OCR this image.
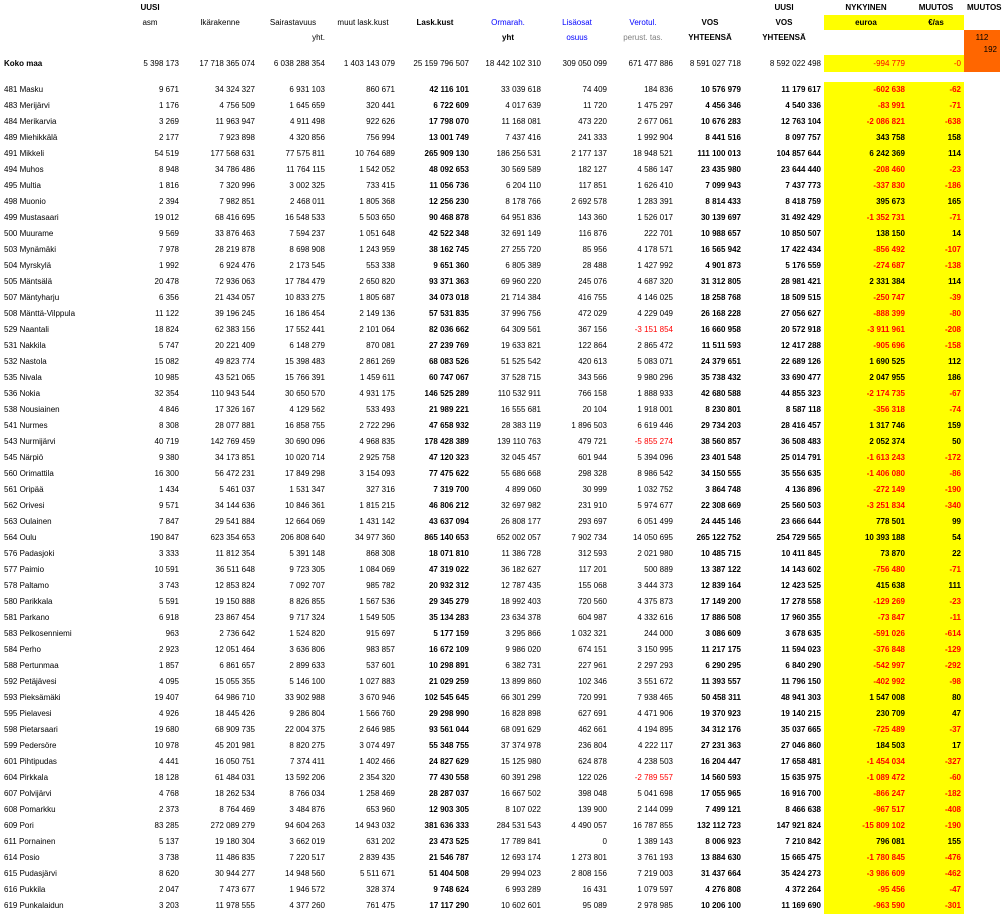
	UUSI									UUSI	NYKYINEN	MUUTOS	MUUTOS
	asm	Ikärakenne	Sairastavuus	muut lask.kust	Lask.kust	Ormarah.	Lisäosat	Verotul.	VOS	VOS	euroa	€/as	
			yht.			yht	osuus	perust. tas.	YHTEENSÄ	YHTEENSÄ			112
													192
Koko maa	5 398 173	17 718 365 074	6 038 288 354	1 403 143 079	25 159 796 507	18 442 102 310	309 050 099	671 477 886	8 591 027 718	8 592 022 498	-994 779	-0	

481 Masku	9 671	34 324 327	6 931 103	860 671	42 116 101	33 039 618	74 409	184 836	10 576 979	11 179 617	-602 638	-62	
483 Merijärvi	1 176	4 756 509	1 645 659	320 441	6 722 609	4 017 639	11 720	1 475 297	4 456 346	4 540 336	-83 991	-71	
484 Merikarvia	3 269	11 963 947	4 911 498	922 626	17 798 070	11 168 081	473 220	2 677 061	10 676 283	12 763 104	-2 086 821	-638	
489 Miehikkälä	2 177	7 923 898	4 320 856	756 994	13 001 749	7 437 416	241 333	1 992 904	8 441 516	8 097 757	343 758	158	
491 Mikkeli	54 519	177 568 631	77 575 811	10 764 689	265 909 130	186 256 531	2 177 137	18 948 521	111 100 013	104 857 644	6 242 369	114	
494 Muhos	8 948	34 786 486	11 764 115	1 542 052	48 092 653	30 569 589	182 127	4 586 147	23 435 980	23 644 440	-208 460	-23	
495 Multia	1 816	7 320 996	3 002 325	733 415	11 056 736	6 204 110	117 851	1 626 410	7 099 943	7 437 773	-337 830	-186	
498 Muonio	2 394	7 982 851	2 468 011	1 805 368	12 256 230	8 178 766	2 692 578	1 283 391	8 814 433	8 418 759	395 673	165	
499 Mustasaari	19 012	68 416 695	16 548 533	5 503 650	90 468 878	64 951 836	143 360	1 526 017	30 139 697	31 492 429	-1 352 731	-71	
500 Muurame	9 569	33 876 463	7 594 237	1 051 648	42 522 348	32 691 149	116 876	222 701	10 988 657	10 850 507	138 150	14	
503 Mynämäki	7 978	28 219 878	8 698 908	1 243 959	38 162 745	27 255 720	85 956	4 178 571	16 565 942	17 422 434	-856 492	-107	
504 Myrskylä	1 992	6 924 476	2 173 545	553 338	9 651 360	6 805 389	28 488	1 427 992	4 901 873	5 176 559	-274 687	-138	
505 Mäntsälä	20 478	72 936 063	17 784 479	2 650 820	93 371 363	69 960 220	245 076	4 687 320	31 312 805	28 981 421	2 331 384	114	
507 Mäntyharju	6 356	21 434 057	10 833 275	1 805 687	34 073 018	21 714 384	416 755	4 146 025	18 258 768	18 509 515	-250 747	-39	
508 Mänttä-Vilppula	11 122	39 196 245	16 186 454	2 149 136	57 531 835	37 996 756	472 029	4 229 049	26 168 228	27 056 627	-888 399	-80	
529 Naantali	18 824	62 383 156	17 552 441	2 101 064	82 036 662	64 309 561	367 156	-3 151 854	16 660 958	20 572 918	-3 911 961	-208	
531 Nakkila	5 747	20 221 409	6 148 279	870 081	27 239 769	19 633 821	122 864	2 865 472	11 511 593	12 417 288	-905 696	-158	
532 Nastola	15 082	49 823 774	15 398 483	2 861 269	68 083 526	51 525 542	420 613	5 083 071	24 379 651	22 689 126	1 690 525	112	
535 Nivala	10 985	43 521 065	15 766 391	1 459 611	60 747 067	37 528 715	343 566	9 980 296	35 738 432	33 690 477	2 047 955	186	
536 Nokia	32 354	110 943 544	30 650 570	4 931 175	146 525 289	110 532 911	766 158	1 888 933	42 680 588	44 855 323	-2 174 735	-67	
538 Nousiainen	4 846	17 326 167	4 129 562	533 493	21 989 221	16 555 681	20 104	1 918 001	8 230 801	8 587 118	-356 318	-74	
541 Nurmes	8 308	28 077 881	16 858 755	2 722 296	47 658 932	28 383 119	1 896 503	6 619 446	29 734 203	28 416 457	1 317 746	159	
543 Nurmijärvi	40 719	142 769 459	30 690 096	4 968 835	178 428 389	139 110 763	479 721	-5 855 274	38 560 857	36 508 483	2 052 374	50	
545 Närpiö	9 380	34 173 851	10 020 714	2 925 758	47 120 323	32 045 457	601 944	5 394 096	23 401 548	25 014 791	-1 613 243	-172	
560 Orimattila	16 300	56 472 231	17 849 298	3 154 093	77 475 622	55 686 668	298 328	8 986 542	34 150 555	35 556 635	-1 406 080	-86	
561 Oripää	1 434	5 461 037	1 531 347	327 316	7 319 700	4 899 060	30 999	1 032 752	3 864 748	4 136 896	-272 149	-190	
562 Orivesi	9 571	34 144 636	10 846 361	1 815 215	46 806 212	32 697 982	231 910	5 974 677	22 308 669	25 560 503	-3 251 834	-340	
563 Oulainen	7 847	29 541 884	12 664 069	1 431 142	43 637 094	26 808 177	293 697	6 051 499	24 445 146	23 666 644	778 501	99	
564 Oulu	190 847	623 354 653	206 808 640	34 977 360	865 140 653	652 002 057	7 902 734	14 050 695	265 122 752	254 729 565	10 393 188	54	
576 Padasjoki	3 333	11 812 354	5 391 148	868 308	18 071 810	11 386 728	312 593	2 021 980	10 485 715	10 411 845	73 870	22	
577 Paimio	10 591	36 511 648	9 723 305	1 084 069	47 319 022	36 182 627	117 201	500 889	13 387 122	14 143 602	-756 480	-71	
578 Paltamo	3 743	12 853 824	7 092 707	985 782	20 932 312	12 787 435	155 068	3 444 373	12 839 164	12 423 525	415 638	111	
580 Parikkala	5 591	19 150 888	8 826 855	1 567 536	29 345 279	18 992 403	720 560	4 375 873	17 149 200	17 278 558	-129 269	-23	
581 Parkano	6 918	23 867 454	9 717 324	1 549 505	35 134 283	23 634 378	604 987	4 332 616	17 886 508	17 960 355	-73 847	-11	
583 Pelkosenniemi	963	2 736 642	1 524 820	915 697	5 177 159	3 295 866	1 032 321	244 000	3 086 609	3 678 635	-591 026	-614	
584 Perho	2 923	12 051 464	3 636 806	983 857	16 672 109	9 986 020	674 151	3 150 995	11 217 175	11 594 023	-376 848	-129	
588 Pertunmaa	1 857	6 861 657	2 899 633	537 601	10 298 891	6 382 731	227 961	2 297 293	6 290 295	6 840 290	-542 997	-292	
592 Petäjävesi	4 095	15 055 355	5 146 100	1 027 883	21 029 259	13 899 860	102 346	3 551 672	11 393 557	11 796 150	-402 992	-98	
593 Pieksämäki	19 407	64 986 710	33 902 988	3 670 946	102 545 645	66 301 299	720 991	7 938 465	50 458 311	48 941 303	1 547 008	80	
595 Pielavesi	4 926	18 445 426	9 286 804	1 566 760	29 298 990	16 828 898	627 691	4 471 906	19 370 923	19 140 215	230 709	47	
598 Pietarsaari	19 680	68 909 735	22 004 375	2 646 985	93 561 044	68 091 629	462 661	4 194 895	34 312 176	35 037 665	-725 489	-37	
599 Pedersöre	10 978	45 201 981	8 820 275	3 074 497	55 348 755	37 374 978	236 804	4 222 117	27 231 363	27 046 860	184 503	17	
601 Pihtipudas	4 441	16 050 751	7 374 411	1 402 466	24 827 629	15 125 980	624 878	4 238 503	16 204 447	17 658 481	-1 454 034	-327	
604 Pirkkala	18 128	61 484 031	13 592 206	2 354 320	77 430 558	60 391 298	122 026	-2 789 557	14 560 593	15 635 975	-1 089 472	-60	
607 Polvijärvi	4 768	18 262 534	8 766 034	1 258 469	28 287 037	16 667 502	398 048	5 041 698	17 055 965	16 916 700	-866 247	-182	
608 Pomarkku	2 373	8 764 469	3 484 876	653 960	12 903 305	8 107 022	139 900	2 144 099	7 499 121	8 466 638	-967 517	-408	
609 Pori	83 285	272 089 279	94 604 263	14 943 032	381 636 333	284 531 543	4 490 057	16 787 855	132 112 723	147 921 824	-15 809 102	-190	
611 Pornainen	5 137	19 180 304	3 662 019	631 202	23 473 525	17 789 841	0	1 389 143	8 006 923	7 210 842	796 081	155	
614 Posio	3 738	11 486 835	7 220 517	2 839 435	21 546 787	12 693 174	1 273 801	3 761 193	13 884 630	15 665 475	-1 780 845	-476	
615 Pudasjärvi	8 620	30 944 277	14 948 560	5 511 671	51 404 508	29 994 023	2 808 156	7 219 003	31 437 664	35 424 273	-3 986 609	-462	
616 Pukkila	2 047	7 473 677	1 946 572	328 374	9 748 624	6 993 289	16 431	1 079 597	4 276 808	4 372 264	-95 456	-47	
619 Punkalaidun	3 203	11 978 555	4 377 260	761 475	17 117 290	10 602 601	95 089	2 978 985	10 206 100	11 169 690	-963 590	-301	
